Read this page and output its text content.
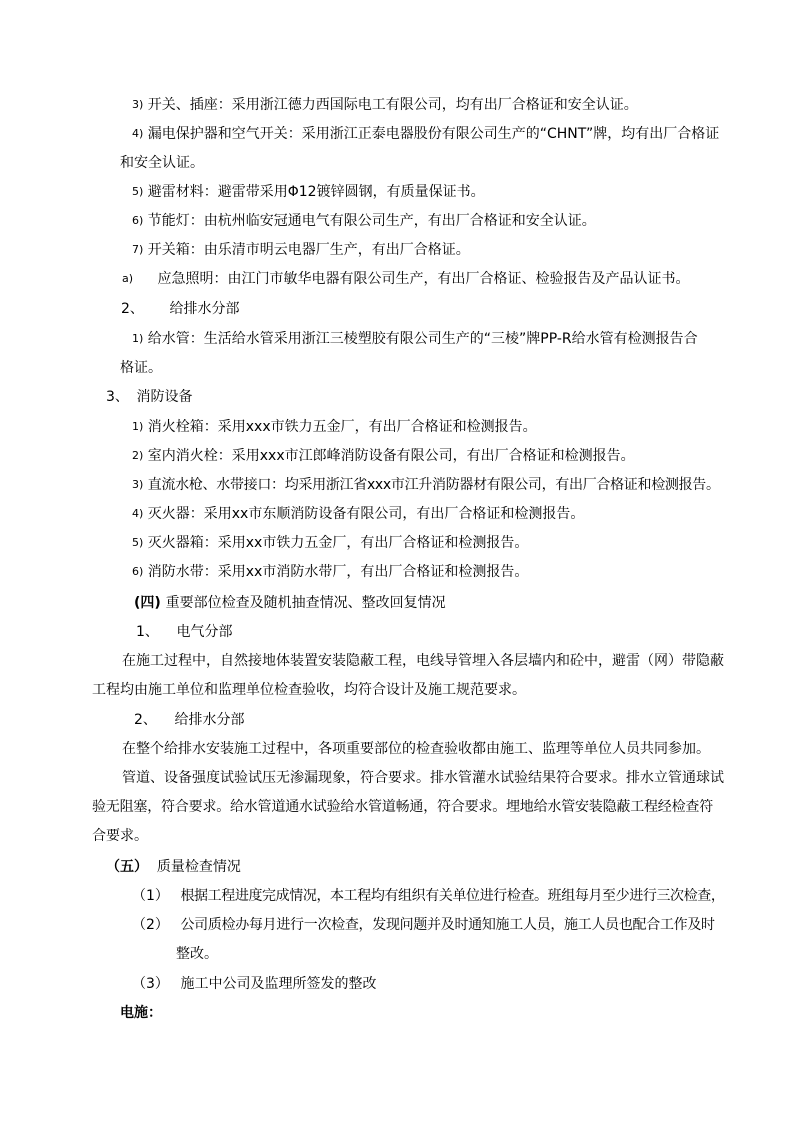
3) 开关、插座：采用浙江德力西国际电工有限公司，均有出厂合格证和安全认证。
4) 漏电保护器和空气开关：采用浙江正泰电器股份有限公司生产的“CHNT”牌，均有出厂合格证
和安全认证。
5) 避雷材料：避雷带采用Φ12镀锌圆钢，有质量保证书。
6) 节能灯：由杭州临安冠通电气有限公司生产，有出厂合格证和安全认证。
7) 开关箱：由乐清市明云电器厂生产，有出厂合格证。
a) 应急照明：由江门市敏华电器有限公司生产，有出厂合格证、检验报告及产品认证书。
2、 给排水分部
1) 给水管：生活给水管采用浙江三棱塑胶有限公司生产的“三棱”牌PP-R给水管有检测报告合
格证。
3、 消防设备
1) 消火栓箱：采用xxx市铁力五金厂，有出厂合格证和检测报告。
2) 室内消火栓：采用xxx市江郎峰消防设备有限公司，有出厂合格证和检测报告。
3) 直流水枪、水带接口：均采用浙江省xxx市江升消防器材有限公司，有出厂合格证和检测报告。
4) 灭火器：采用xx市东顺消防设备有限公司，有出厂合格证和检测报告。
5) 灭火器箱：采用xx市铁力五金厂，有出厂合格证和检测报告。
6) 消防水带：采用xx市消防水带厂，有出厂合格证和检测报告。
(四) 重要部位检查及随机抽查情况、整改回复情况
1、 电气分部
在施工过程中，自然接地体装置安装隐蔽工程，电线导管埋入各层墙内和砼中，避雷（网）带隐蔽
工程均由施工单位和监理单位检查验收，均符合设计及施工规范要求。
2、 给排水分部
在整个给排水安装施工过程中，各项重要部位的检查验收都由施工、监理等单位人员共同参加。
管道、设备强度试验试压无渗漏现象，符合要求。排水管灌水试验结果符合要求。排水立管通球试
验无阻塞，符合要求。给水管道通水试验给水管道畅通，符合要求。埋地给水管安装隐蔽工程经检查符
合要求。
（五） 质量检查情况
（1） 根据工程进度完成情况，本工程均有组织有关单位进行检查。班组每月至少进行三次检查，
（2） 公司质检办每月进行一次检查，发现问题并及时通知施工人员，施工人员也配合工作及时
整改。
（3） 施工中公司及监理所签发的整改
电施：
